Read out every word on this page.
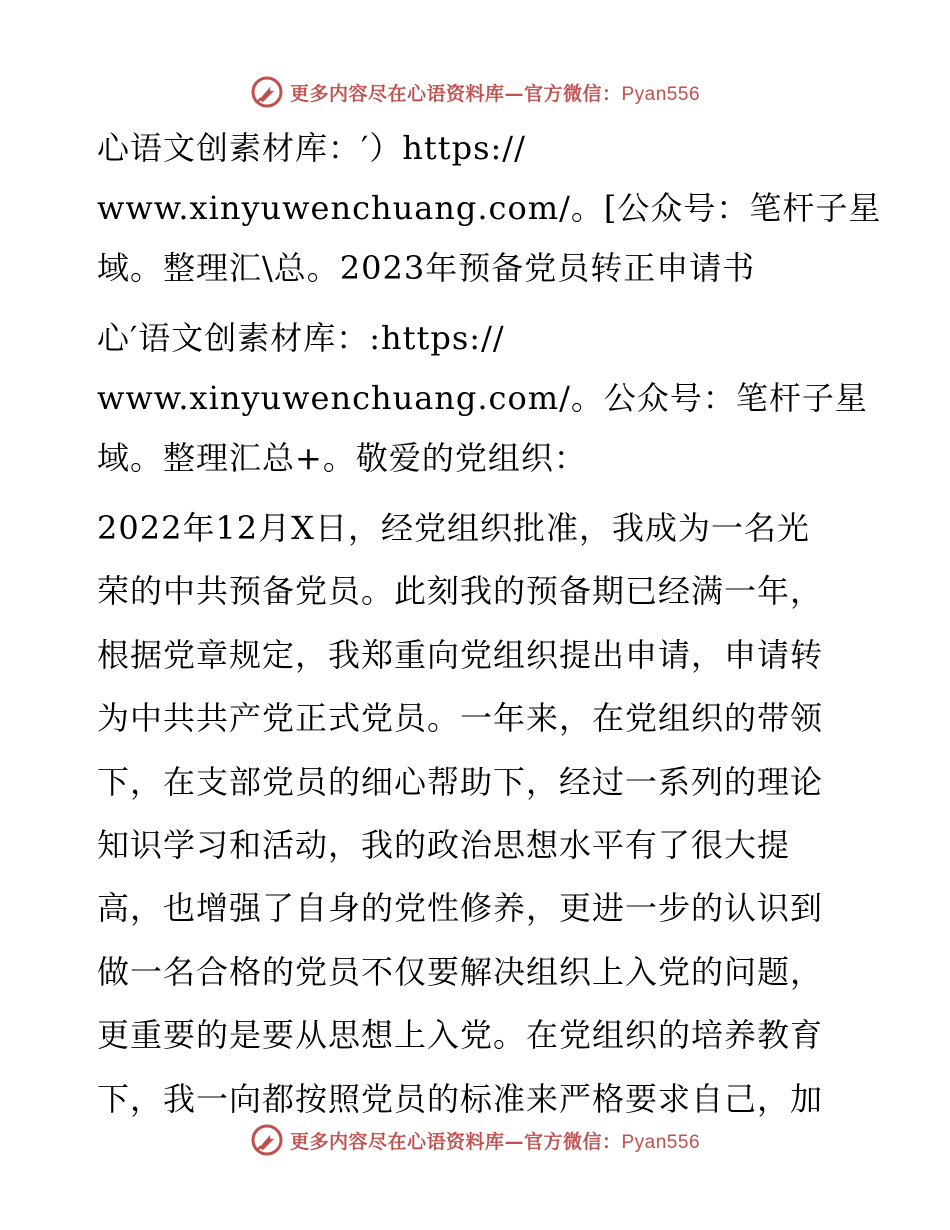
更多内容尽在心语资料库—官方微信：Pyan556
心语文创素材库：′）https://
www.xinyuwenchuang.com/。[公众号：笔杆子星
域。整理汇\总。2023年预备党员转正申请书
心′语文创素材库：:https://
www.xinyuwenchuang.com/。公众号：笔杆子星
域。整理汇总+。敬爱的党组织：
2022年12月X日，经党组织批准，我成为一名光
荣的中共预备党员。此刻我的预备期已经满一年，
根据党章规定，我郑重向党组织提出申请，申请转
为中共共产党正式党员。一年来，在党组织的带领
下，在支部党员的细心帮助下，经过一系列的理论
知识学习和活动，我的政治思想水平有了很大提
高，也增强了自身的党性修养，更进一步的认识到
做一名合格的党员不仅要解决组织上入党的问题，
更重要的是要从思想上入党。在党组织的培养教育
下，我一向都按照党员的标准来严格要求自己，加
更多内容尽在心语资料库—官方微信：Pyan556
